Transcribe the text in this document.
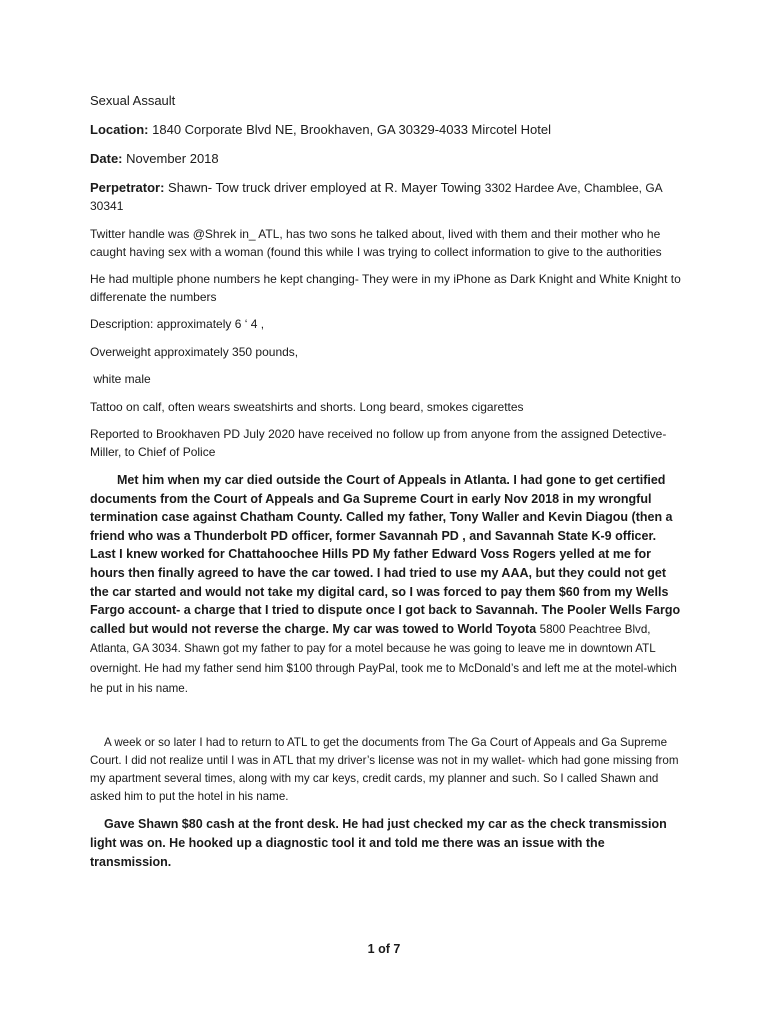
Sexual Assault

Location: 1840 Corporate Blvd NE, Brookhaven, GA 30329-4033 Mircotel Hotel

Date: November 2018

Perpetrator: Shawn- Tow truck driver employed at R. Mayer Towing 3302 Hardee Ave, Chamblee, GA 30341

Twitter handle was @Shrek in_ ATL, has two sons he talked about, lived with them and their mother who he caught having sex with a woman (found this while I was trying to collect information to give to the authorities

He had multiple phone numbers he kept changing- They were in my iPhone as Dark Knight and White Knight to differenate the numbers

Description: approximately 6 ‘ 4 ,

Overweight approximately 350 pounds,

white male

Tattoo on calf, often wears sweatshirts and shorts. Long beard, smokes cigarettes

Reported to Brookhaven PD July 2020 have received no follow up from anyone from the assigned Detective-Miller, to Chief of Police

Met him when my car died outside the Court of Appeals in Atlanta. I had gone to get certified documents from the Court of Appeals and Ga Supreme Court in early Nov 2018 in my wrongful termination case against Chatham County. Called my father, Tony Waller and Kevin Diagou (then a friend who was a Thunderbolt PD officer, former Savannah PD , and Savannah State K-9 officer. Last I knew worked for Chattahoochee Hills PD My father Edward Voss Rogers yelled at me for hours then finally agreed to have the car towed. I had tried to use my AAA, but they could not get the car started and would not take my digital card, so I was forced to pay them $60 from my Wells Fargo account- a charge that I tried to dispute once I got back to Savannah. The Pooler Wells Fargo called but would not reverse the charge. My car was towed to World Toyota 5800 Peachtree Blvd, Atlanta, GA 3034. Shawn got my father to pay for a motel because he was going to leave me in downtown ATL overnight. He had my father send him $100 through PayPal, took me to McDonald’s and left me at the motel-which he put in his name.

A week or so later I had to return to ATL to get the documents from The Ga Court of Appeals and Ga Supreme Court. I did not realize until I was in ATL that my driver’s license was not in my wallet- which had gone missing from my apartment several times, along with my car keys, credit cards, my planner and such. So I called Shawn and asked him to put the hotel in his name.

Gave Shawn $80 cash at the front desk. He had just checked my car as the check transmission light was on. He hooked up a diagnostic tool it and told me there was an issue with the transmission.

1 of 7
